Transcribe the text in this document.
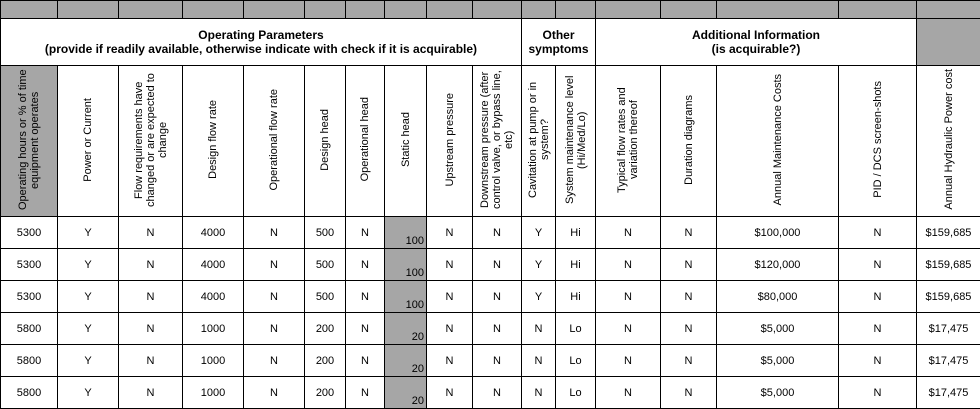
Operating Parameters
(provide if readily available, otherwise indicate with check if it is acquirable)										Other
symptoms		Additional Information
(is acquirable?)				

Operating hours or % of time equipment operates	Power or Current	Flow requirements have changed or are expected to change	Design flow rate	Operational flow rate	Design head	Operational head	Static head	Upstream pressure	Downstream pressure (after control valve, or bypass line, etc)	Cavitation at pump or in system?	System maintenance level (Hi/Med/Lo)	Typical flow rates and variation thereof	Duration diagrams	Annual Maintenance Costs	PID / DCS screen-shots	Annual Hydraulic Power cost
5300	Y	N	4000	N	500	N	100	N	N	Y	Hi	N	N	$100,000	N	$159,685
5300	Y	N	4000	N	500	N	100	N	N	Y	Hi	N	N	$120,000	N	$159,685
5300	Y	N	4000	N	500	N	100	N	N	Y	Hi	N	N	$80,000	N	$159,685
5800	Y	N	1000	N	200	N	20	N	N	N	Lo	N	N	$5,000	N	$17,475
5800	Y	N	1000	N	200	N	20	N	N	N	Lo	N	N	$5,000	N	$17,475
5800	Y	N	1000	N	200	N	20	N	N	N	Lo	N	N	$5,000	N	$17,475
